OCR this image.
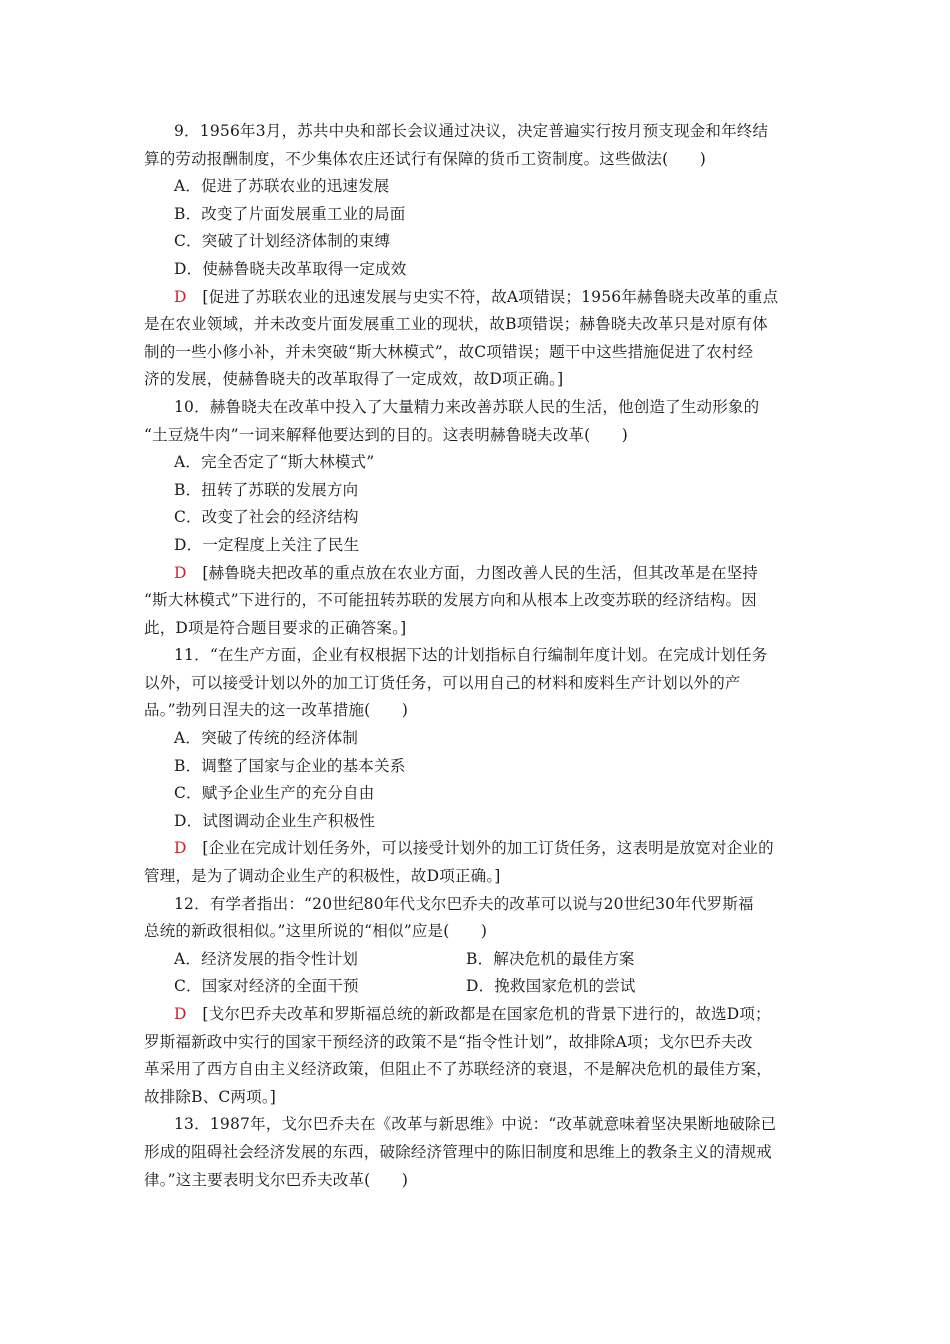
9．1956年3月，苏共中央和部长会议通过决议，决定普遍实行按月预支现金和年终结
算的劳动报酬制度，不少集体农庄还试行有保障的货币工资制度。这些做法(　　)
A．促进了苏联农业的迅速发展
B．改变了片面发展重工业的局面
C．突破了计划经济体制的束缚
D．使赫鲁晓夫改革取得一定成效
D　 [促进了苏联农业的迅速发展与史实不符，故A项错误；1956年赫鲁晓夫改革的重点
是在农业领域，并未改变片面发展重工业的现状，故B项错误；赫鲁晓夫改革只是对原有体
制的一些小修小补，并未突破“斯大林模式”，故C项错误；题干中这些措施促进了农村经
济的发展，使赫鲁晓夫的改革取得了一定成效，故D项正确。]
10．赫鲁晓夫在改革中投入了大量精力来改善苏联人民的生活，他创造了生动形象的
“土豆烧牛肉”一词来解释他要达到的目的。这表明赫鲁晓夫改革(　　)
A．完全否定了“斯大林模式”
B．扭转了苏联的发展方向
C．改变了社会的经济结构
D．一定程度上关注了民生
D　 [赫鲁晓夫把改革的重点放在农业方面，力图改善人民的生活，但其改革是在坚持
“斯大林模式”下进行的，不可能扭转苏联的发展方向和从根本上改变苏联的经济结构。因
此，D项是符合题目要求的正确答案。]
11．“在生产方面，企业有权根据下达的计划指标自行编制年度计划。在完成计划任务
以外，可以接受计划以外的加工订货任务，可以用自己的材料和废料生产计划以外的产
品。”勃列日涅夫的这一改革措施(　　)
A．突破了传统的经济体制
B．调整了国家与企业的基本关系
C．赋予企业生产的充分自由
D．试图调动企业生产积极性
D　 [企业在完成计划任务外，可以接受计划外的加工订货任务，这表明是放宽对企业的
管理，是为了调动企业生产的积极性，故D项正确。]
12．有学者指出：“20世纪80年代戈尔巴乔夫的改革可以说与20世纪30年代罗斯福
总统的新政很相似。”这里所说的“相似”应是(　　)
A．经济发展的指令性计划	B．解决危机的最佳方案
C．国家对经济的全面干预	D．挽救国家危机的尝试
D　 [戈尔巴乔夫改革和罗斯福总统的新政都是在国家危机的背景下进行的，故选D项；
罗斯福新政中实行的国家干预经济的政策不是“指令性计划”，故排除A项；戈尔巴乔夫改
革采用了西方自由主义经济政策，但阻止不了苏联经济的衰退，不是解决危机的最佳方案，
故排除B、C两项。]
13．1987年，戈尔巴乔夫在《改革与新思维》中说：“改革就意味着坚决果断地破除已
形成的阻碍社会经济发展的东西，破除经济管理中的陈旧制度和思维上的教条主义的清规戒
律。”这主要表明戈尔巴乔夫改革(　　)
